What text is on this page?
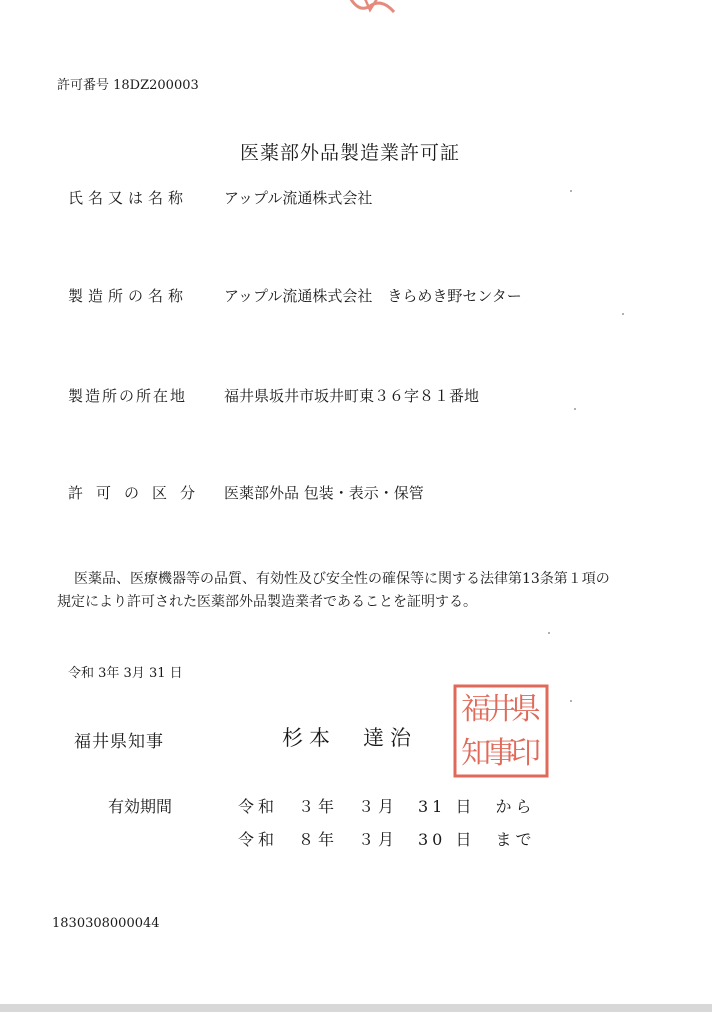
許可番号 18DZ200003
医薬部外品製造業許可証
氏名又は名称 アップル流通株式会社
製造所の名称 アップル流通株式会社　きらめき野センター
製造所の所在地 福井県坂井市坂井町東３６字８１番地
許可の区分 医薬部外品 包装・表示・保管
医薬品、医療機器等の品質、有効性及び安全性の確保等に関する法律第13条第１項の
規定により許可された医薬部外品製造業者であることを証明する。
令和 3年 3月 31 日
福井県知事	杉本　達治
県
井
福
印
事
知
有効期間	令和　３年　３月　31 日　から
令和　８年　３月　30 日　まで
1830308000044
